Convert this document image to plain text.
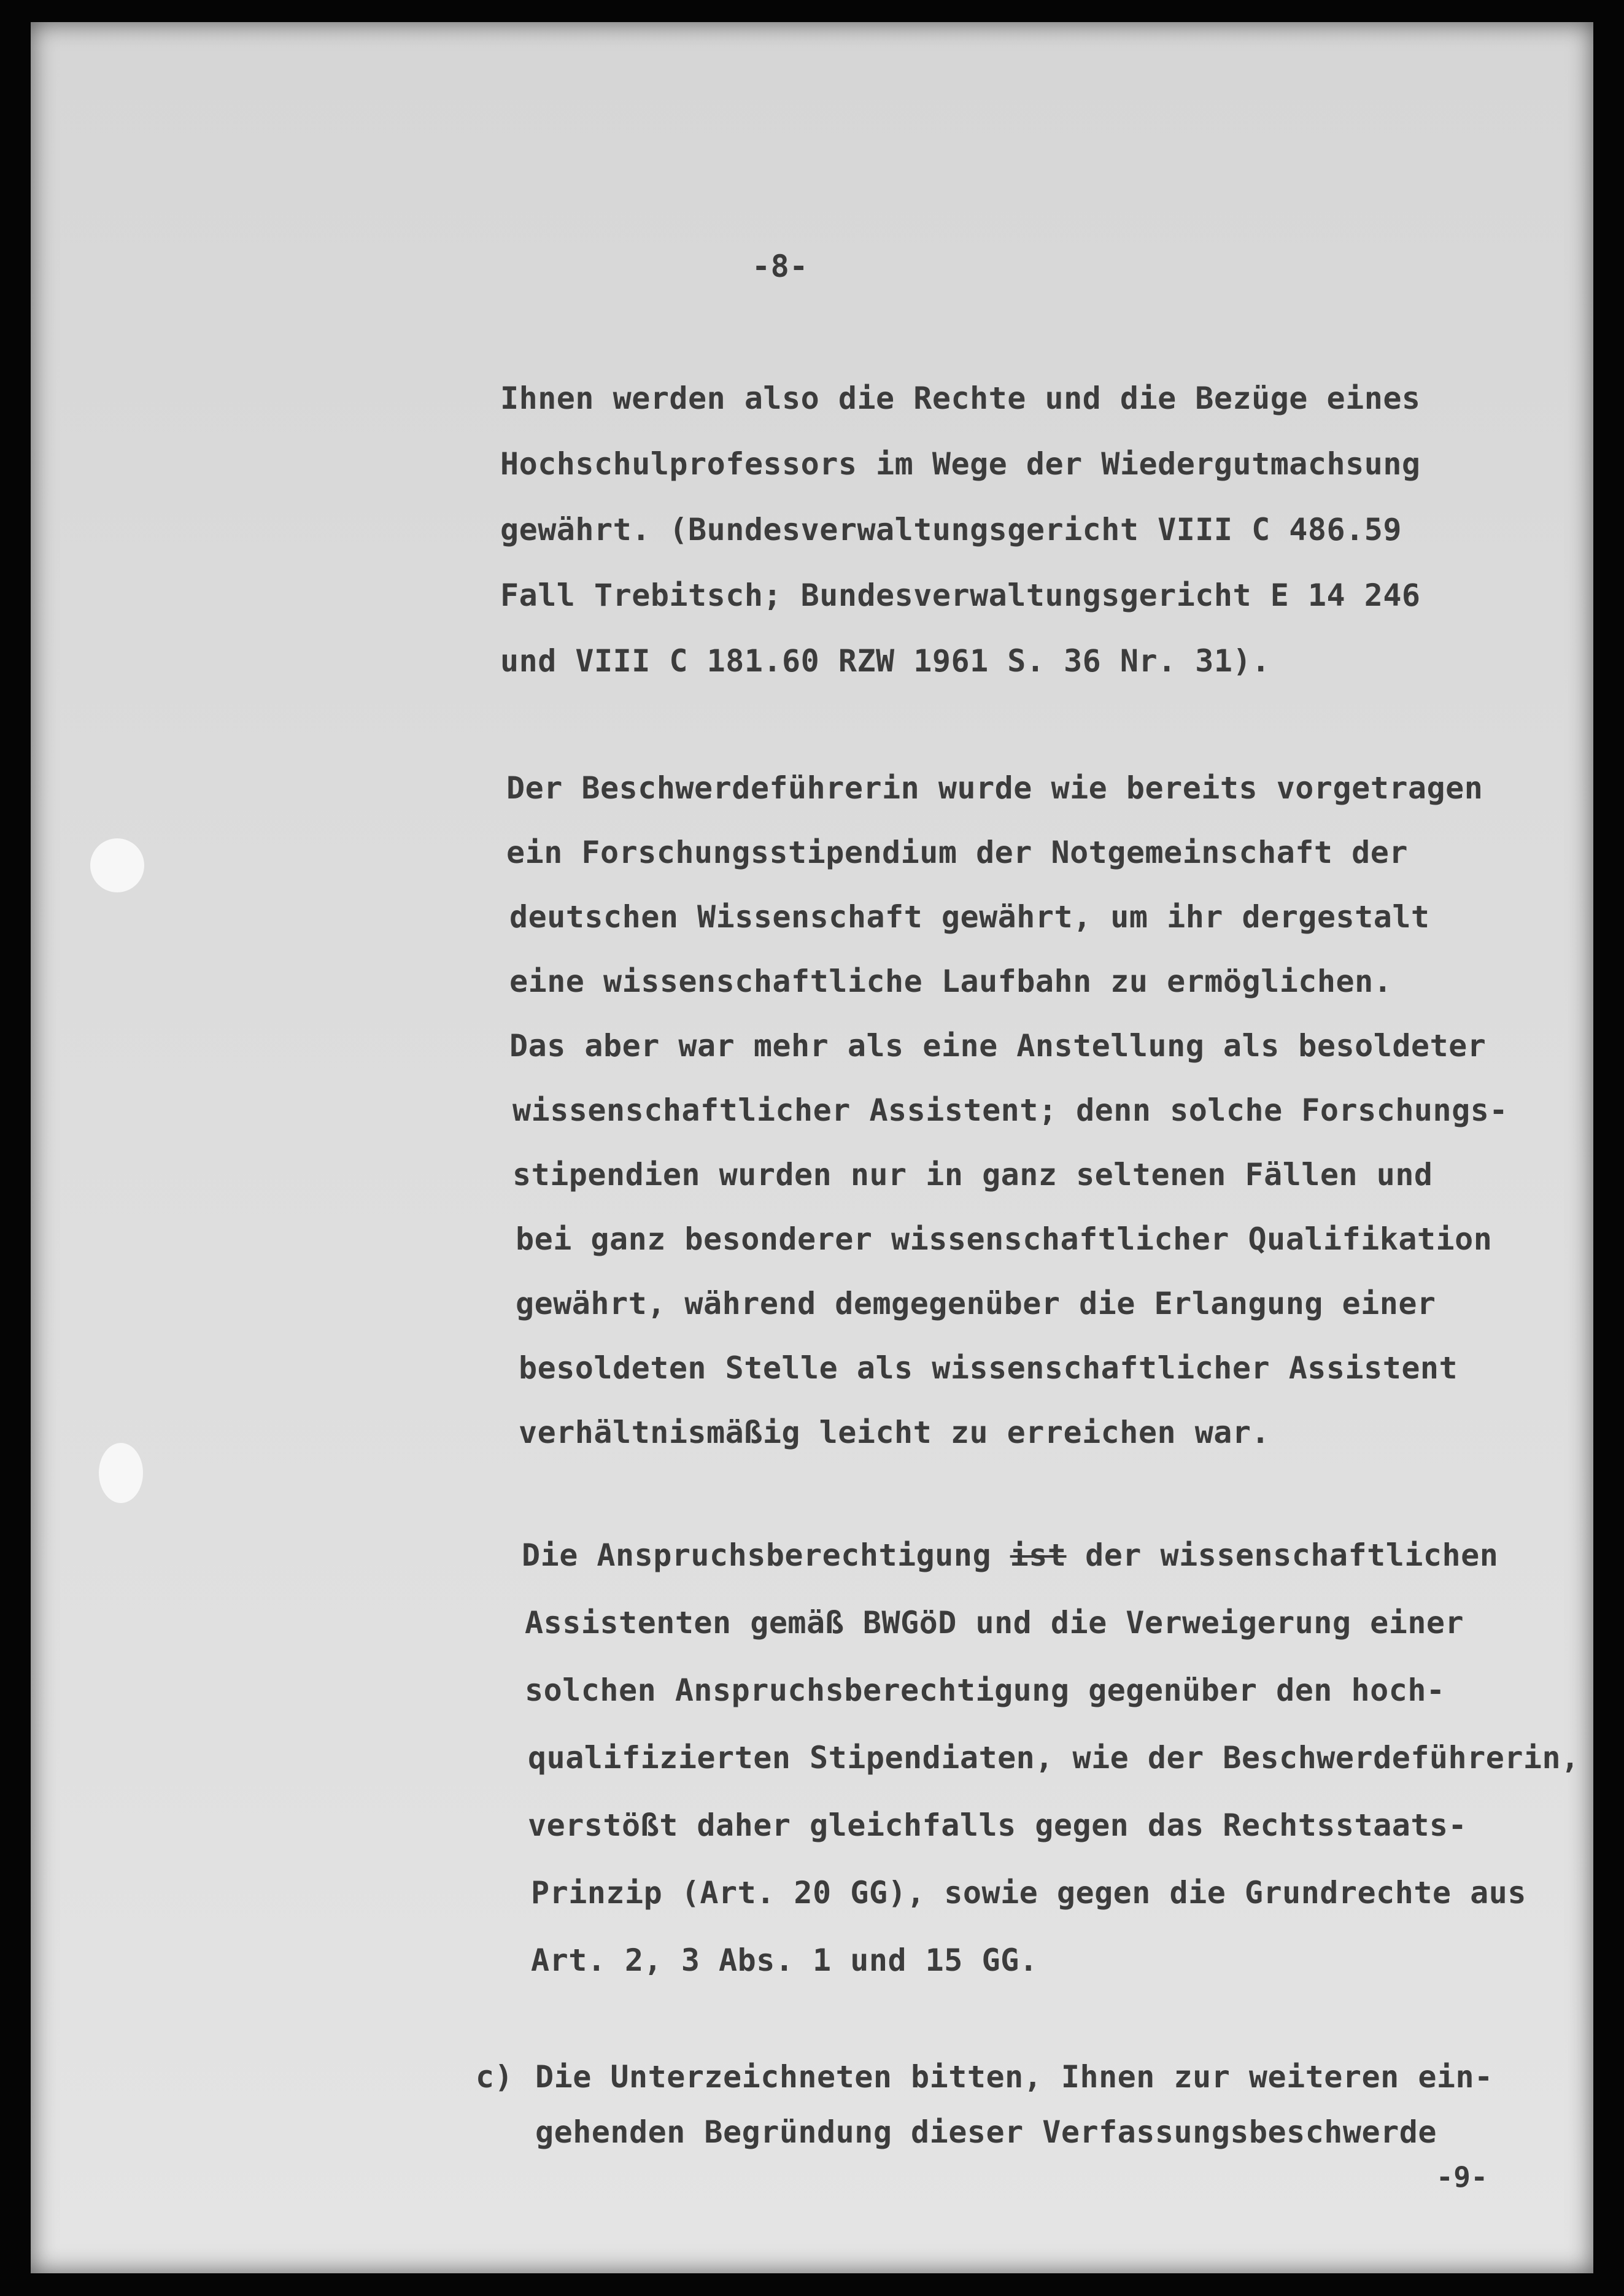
-8-
Ihnen werden also die Rechte und die Bezüge eines
Hochschulprofessors im Wege der Wiedergutmachsung
gewährt. (Bundesverwaltungsgericht VIII C 486.59
Fall Trebitsch; Bundesverwaltungsgericht E 14 246
und VIII C 181.60 RZW 1961 S. 36 Nr. 31).
Der Beschwerdeführerin wurde wie bereits vorgetragen
ein Forschungsstipendium der Notgemeinschaft der
deutschen Wissenschaft gewährt, um ihr dergestalt
eine wissenschaftliche Laufbahn zu ermöglichen.
Das aber war mehr als eine Anstellung als besoldeter
wissenschaftlicher Assistent; denn solche Forschungs-
stipendien wurden nur in ganz seltenen Fällen und
bei ganz besonderer wissenschaftlicher Qualifikation
gewährt, während demgegenüber die Erlangung einer
besoldeten Stelle als wissenschaftlicher Assistent
verhältnismäßig leicht zu erreichen war.
Die Anspruchsberechtigung ist der wissenschaftlichen
Assistenten gemäß BWGöD und die Verweigerung einer
solchen Anspruchsberechtigung gegenüber den hoch-
qualifizierten Stipendiaten, wie der Beschwerdeführerin,
verstößt daher gleichfalls gegen das Rechtsstaats-
Prinzip (Art. 20 GG), sowie gegen die Grundrechte aus
Art. 2, 3 Abs. 1 und 15 GG.
c) Die Unterzeichneten bitten, Ihnen zur weiteren ein-
gehenden Begründung dieser Verfassungsbeschwerde
-9-
